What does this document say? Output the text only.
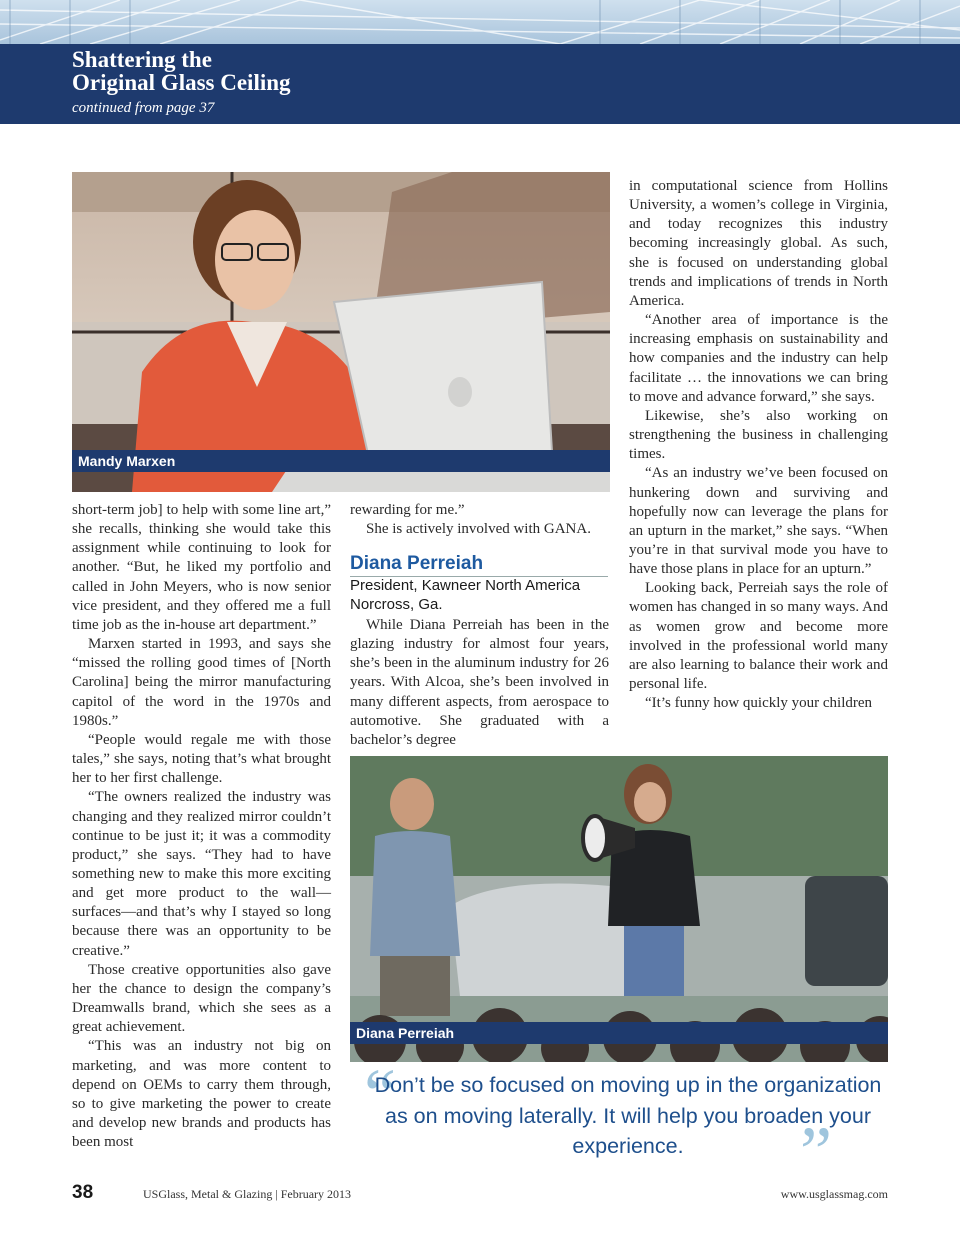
Shattering the
Original Glass Ceiling
continued from page 37
Mandy Marxen

short-term job] to help with some line art,” she recalls, thinking she would take this assignment while continuing to look for another. “But, he liked my portfolio and called in John Meyers, who is now senior vice president, and they offered me a full time job as the in-house art department.”

Marxen started in 1993, and says she “missed the rolling good times of [North Carolina] being the mirror manufacturing capitol of the word in the 1970s and 1980s.”

“People would regale me with those tales,” she says, noting that’s what brought her to her first challenge.

“The owners realized the industry was changing and they realized mirror couldn’t continue to be just it; it was a commodity product,” she says. “They had to have something new to make this more exciting and get more product to the wall—surfaces—and that’s why I stayed so long because there was an opportunity to be creative.”

Those creative opportunities also gave her the chance to design the company’s Dreamwalls brand, which she sees as a great achievement.

“This was an industry not big on marketing, and was more content to depend on OEMs to carry them through, so to give marketing the power to create and develop new brands and products has been most

rewarding for me.”

She is actively involved with GANA.

Diana Perreiah
President, Kawneer North America
Norcross, Ga.

While Diana Perreiah has been in the glazing industry for almost four years, she’s been in the aluminum industry for 26 years. With Alcoa, she’s been involved in many different aspects, from aerospace to automotive. She graduated with a bachelor’s degree

in computational science from Hollins University, a women’s college in Virginia, and today recognizes this industry becoming increasingly global. As such, she is focused on understanding global trends and implications of trends in North America.

“Another area of importance is the increasing emphasis on sustainability and how companies and the industry can help facilitate … the innovations we can bring to move and advance forward,” she says.

Likewise, she’s also working on strengthening the business in challenging times.

“As an industry we’ve been focused on hunkering down and surviving and hopefully now can leverage the plans for an upturn in the market,” she says. “When you’re in that survival mode you have to have those plans in place for an upturn.”

Looking back, Perreiah says the role of women has changed in so many ways. And as women grow and become more involved in the professional world many are also learning to balance their work and personal life.

“It’s funny how quickly your children

Diana Perreiah
“
”
Don’t be so focused on moving up in the organization as on moving laterally. It will help you broaden your experience.
38	USGlass, Metal & Glazing | February 2013	www.usglassmag.com
